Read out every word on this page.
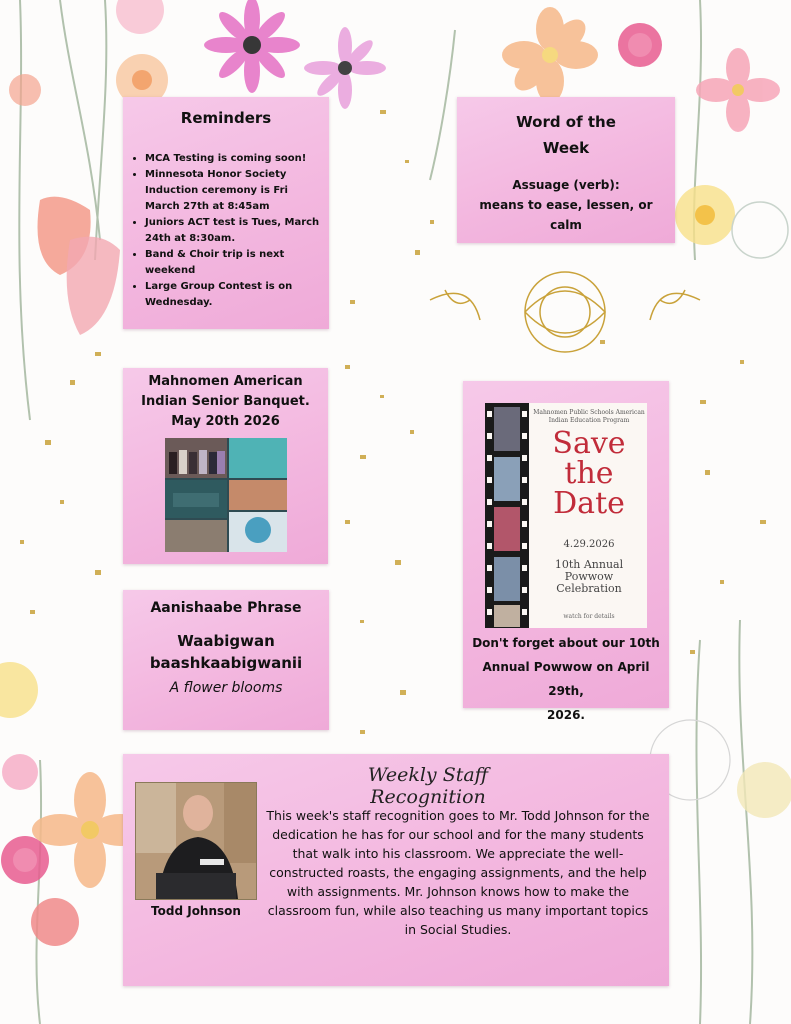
Reminders
• MCA Testing is coming soon!
• Minnesota Honor Society Induction ceremony is Fri March 27th at 8:45am
• Juniors ACT test is Tues, March 24th at 8:30am.
• Band & Choir trip is next weekend
• Large Group Contest is on Wednesday.
Word of the
Week
Assuage (verb):
means to ease, lessen, or calm
Mahnomen American
Indian Senior Banquet.
May 20th 2026
Mahnomen Public Schools American Indian Education Program
Save the Date
4.29.2026
10th Annual Powwow Celebration
watch for details
Don't forget about our 10th
Annual Powwow on April 29th,
2026.
Aanishaabe Phrase
Waabigwan
baashkaabigwanii
A flower blooms
Weekly Staff Recognition
Todd Johnson
This week's staff recognition goes to Mr. Todd Johnson for the dedication he has for our school and for the many students that walk into his classroom. We appreciate the well-constructed roasts, the engaging assignments, and the help with assignments. Mr. Johnson knows how to make the classroom fun, while also teaching us many important topics in Social Studies.
